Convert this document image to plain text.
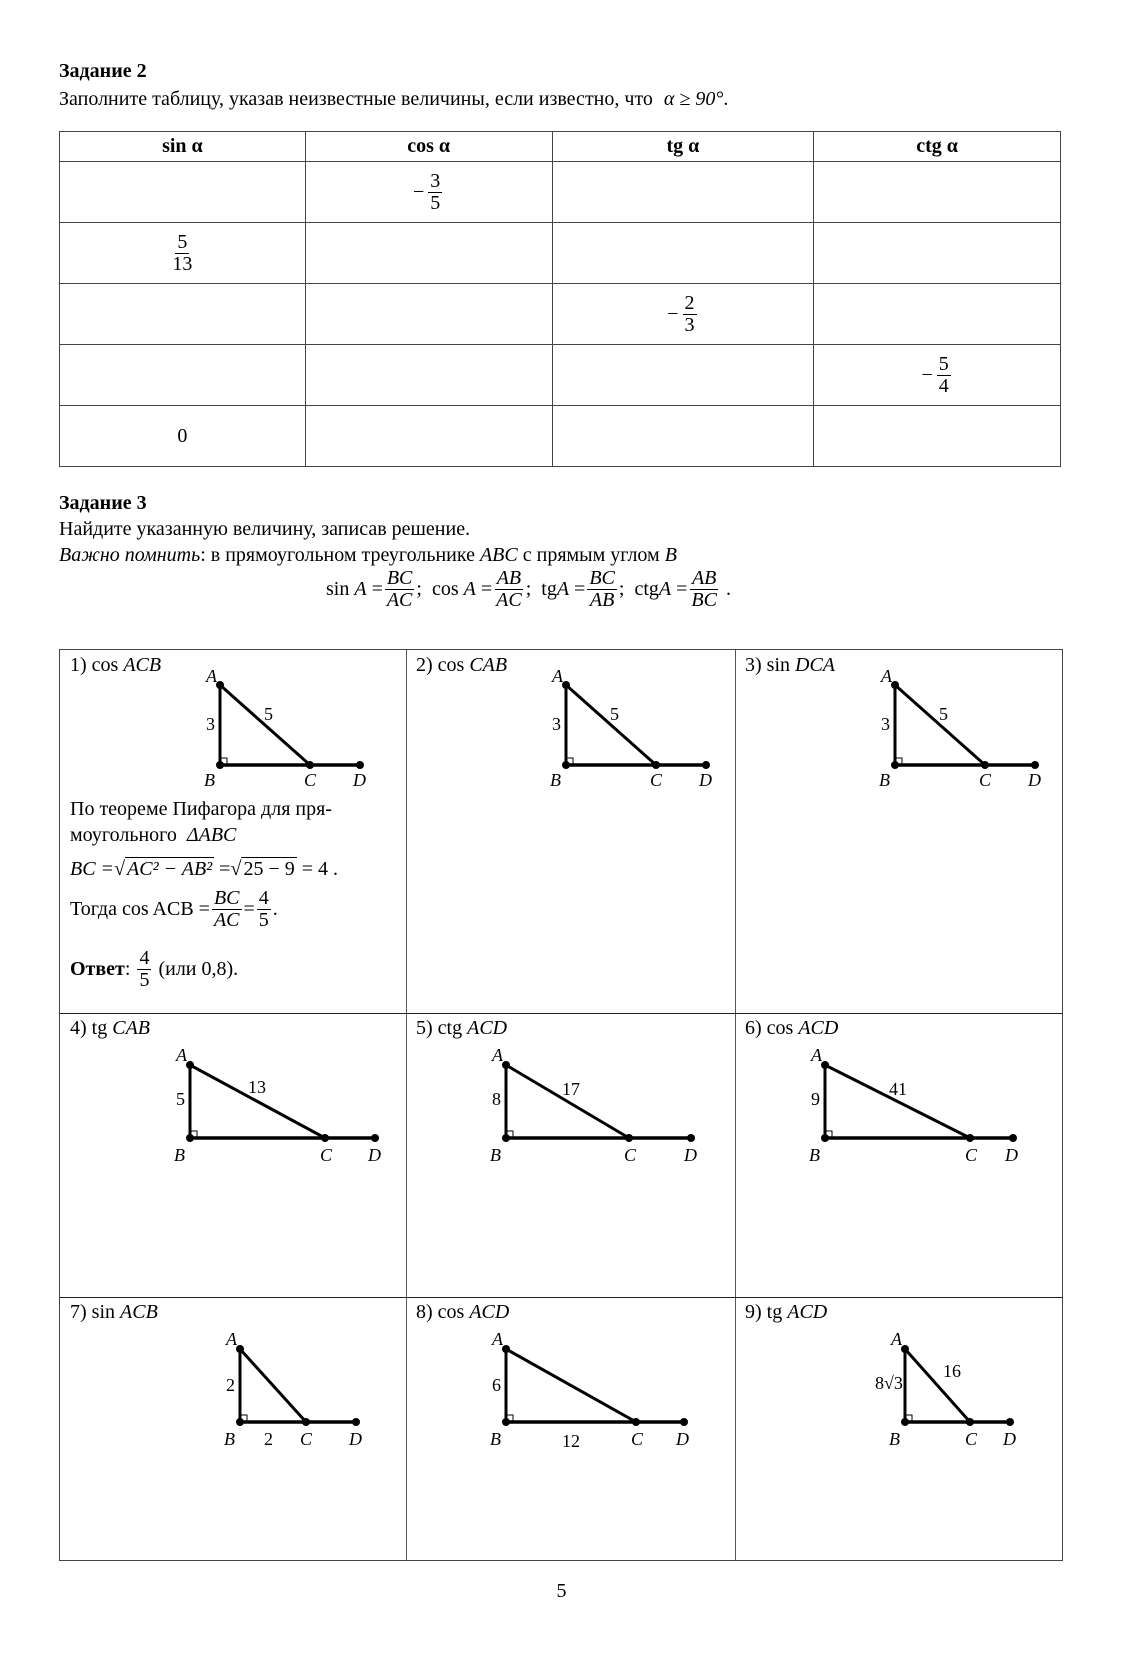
Задание 2
Заполните таблицу, указав неизвестные величины, если известно, что α ≥ 90°.
sin α	cos α	tg α	ctg α
	− $\frac{3}{5}$

$\frac{5}{13}$

		− $\frac{2}{3}$

			− $\frac{5}{4}$

0			
Задание 3
Найдите указанную величину, записав решение.
Важно помнить: в прямоугольном треугольнике ABC с прямым углом B
sin
$A = \frac{BC}{AC}$ ;
cos
$A = \frac{AB}{AC}$ ;
tg $A = \frac{BC}{AB}$ ;
ctg $A = \frac{AB}{BC}$
.
1) cos ACB A
B	C D
3	5
По теореме Пифагора для пря-
моугольного ΔABC
BC =√ AC² − AB² =√ 25 − 9 = 4 .
Тогда
cos ACB = $\frac{BC}{AC} = \frac{4}{5}$ .
Ответ :
$\frac{4}{5}$
(или 0,8).
2) cos CAB A
B	C D
3	5
3) sin DCA	A
B	C D
3	5
4) tg CAB
A
B	C D
5
13
5) ctg ACD
A
B	C	D
8	17
6) cos ACD
A
B	C D
9	41
7) sin ACB
A
B	C D
2
2
8) cos ACD
A
B	C D
6
12
9) tg ACD
A
B	C D
8√3
16
5
